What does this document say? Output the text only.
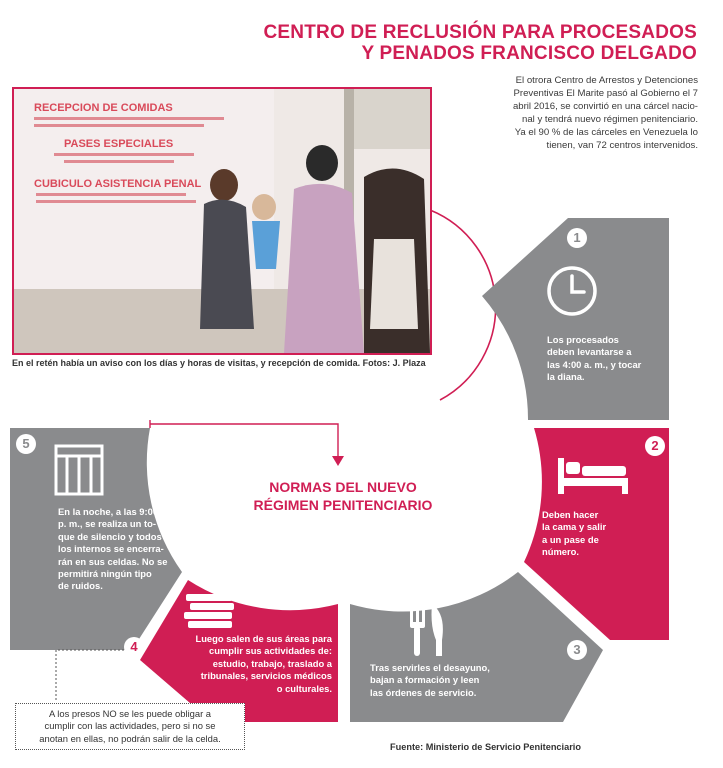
CENTRO DE RECLUSIÓN PARA PROCESADOS
Y PENADOS FRANCISCO DELGADO
El otrora Centro de Arrestos y Detenciones
Preventivas El Marite pasó al Gobierno el 7
abril 2016, se convirtió en una cárcel nacio-
nal y tendrá nuevo régimen penitenciario.
Ya el 90 % de las cárceles en Venezuela lo
tienen, van 72 centros intervenidos.
RECEPCION DE COMIDAS
PASES ESPECIALES
CUBICULO ASISTENCIA PENAL
En el retén había un aviso con los días y horas de visitas, y recepción de comida. Fotos: J. Plaza
1
2
3
4
5
Los procesados
deben levantarse a
las 4:00 a. m., y tocar
la diana.
Deben hacer
la cama y salir
a un pase de
número.
Tras servirles el desayuno,
bajan a formación y leen
las órdenes de servicio.
Luego salen de sus áreas para
cumplir sus actividades de:
estudio, trabajo, traslado a
tribunales, servicios médicos
o culturales.
En la noche, a las 9:00
p. m., se realiza un to-
que de silencio y todos
los internos se encerra-
rán en sus celdas. No se
permitirá ningún tipo
de ruidos.
NORMAS DEL NUEVO
RÉGIMEN PENITENCIARIO
A los presos NO se les puede obligar a
cumplir con las actividades, pero si no se
anotan en ellas, no podrán salir de la celda.
Fuente: Ministerio de Servicio Penitenciario
